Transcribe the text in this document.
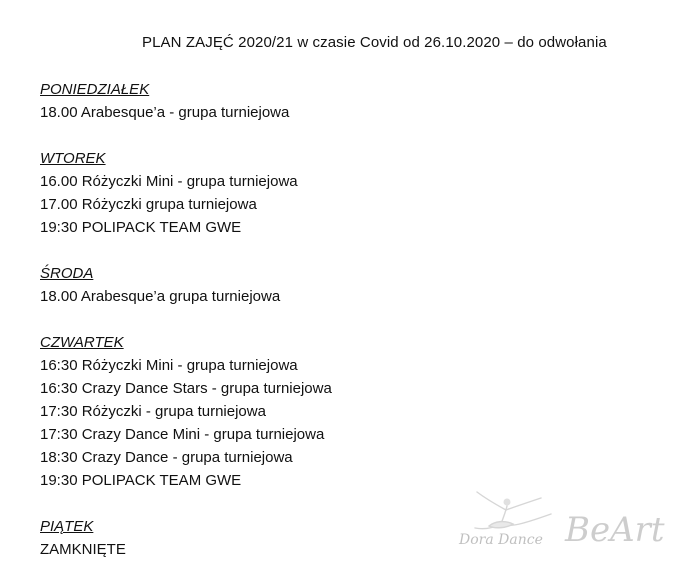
PLAN ZAJĘĆ 2020/21 w czasie Covid od 26.10.2020 – do odwołania
PONIEDZIAŁEK
18.00 Arabesque’a - grupa turniejowa
WTOREK
16.00 Różyczki Mini - grupa turniejowa
17.00 Różyczki grupa turniejowa
19:30 POLIPACK TEAM GWE
ŚRODA
18.00 Arabesque’a grupa turniejowa
CZWARTEK
16:30 Różyczki Mini - grupa turniejowa
16:30 Crazy Dance Stars - grupa turniejowa
17:30 Różyczki - grupa turniejowa
17:30 Crazy Dance Mini - grupa turniejowa
18:30 Crazy Dance - grupa turniejowa
19:30 POLIPACK TEAM GWE
PIĄTEK
ZAMKNIĘTE
Dora Dance BeArt
